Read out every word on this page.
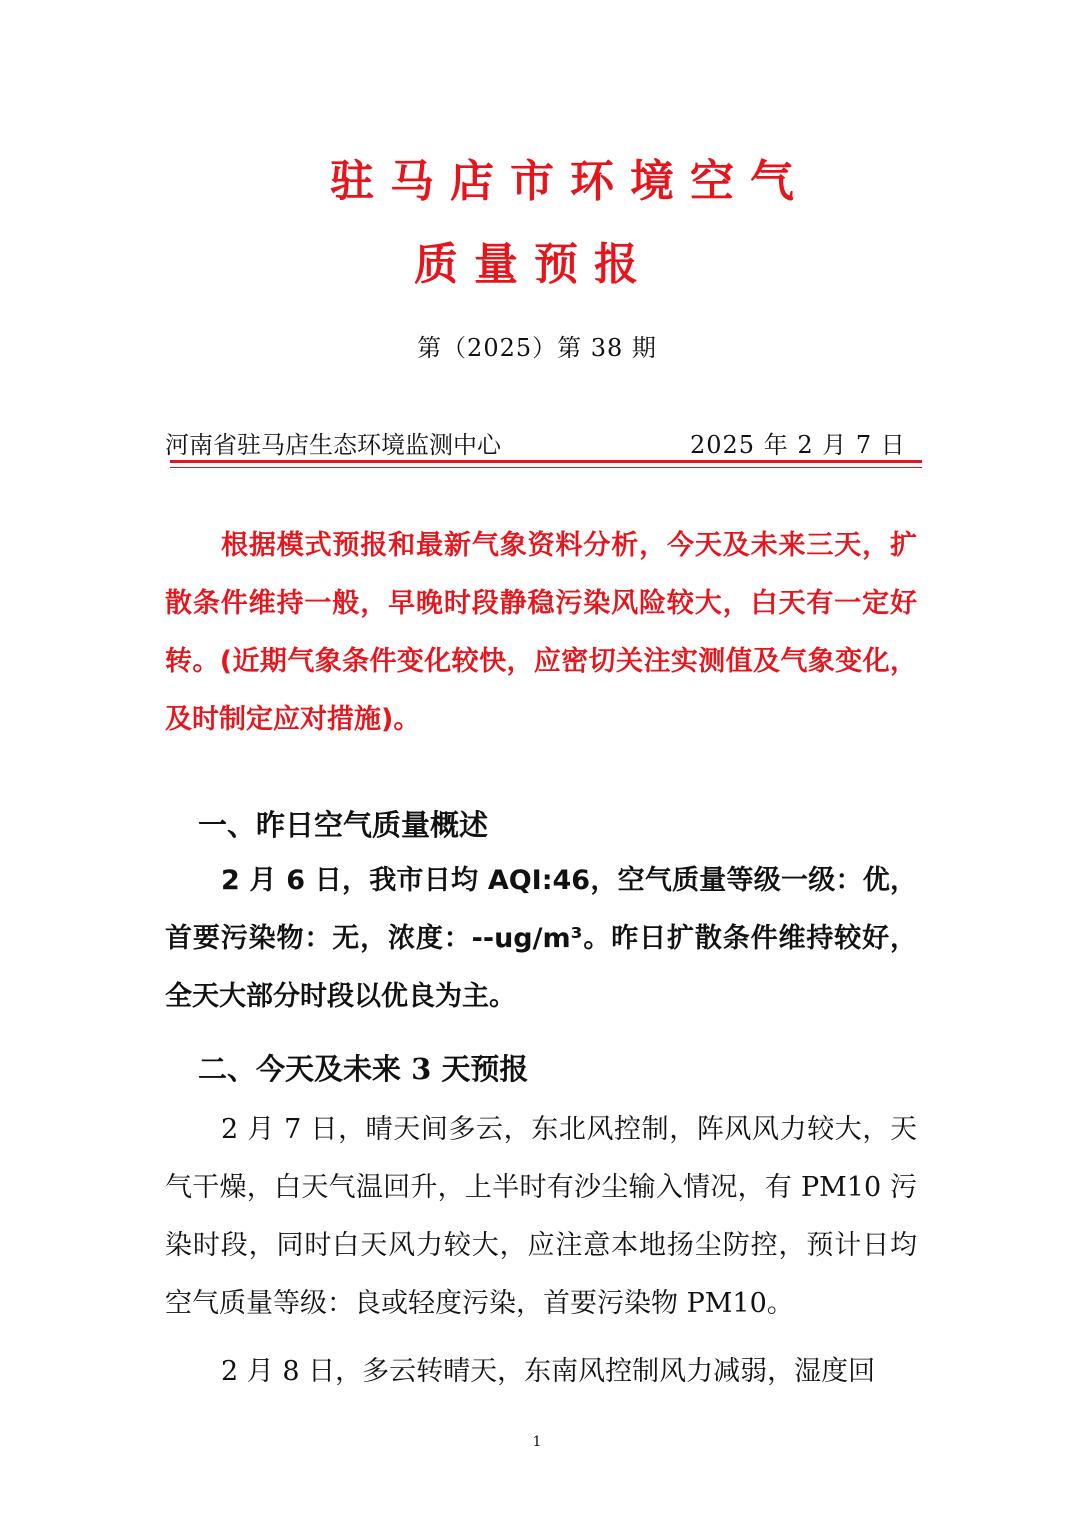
驻马店市环境空气
质量预报
第（2025）第 38 期
河南省驻马店生态环境监测中心	2025 年 2 月 7 日

根据模式预报和最新气象资料分析，今天及未来三天，扩散条件维持一般，早晚时段静稳污染风险较大，白天有一定好转。(近期气象条件变化较快，应密切关注实测值及气象变化，及时制定应对措施)。

一、昨日空气质量概述

2 月 6 日，我市日均 AQI:46，空气质量等级一级：优，首要污染物：无，浓度：--ug/m³。昨日扩散条件维持较好，全天大部分时段以优良为主。

二、今天及未来 3 天预报

2 月 7 日，晴天间多云，东北风控制，阵风风力较大，天气干燥，白天气温回升，上半时有沙尘输入情况，有 PM10 污染时段，同时白天风力较大，应注意本地扬尘防控，预计日均空气质量等级：良或轻度污染，首要污染物 PM10。

2 月 8 日，多云转晴天，东南风控制风力减弱，湿度回

1
